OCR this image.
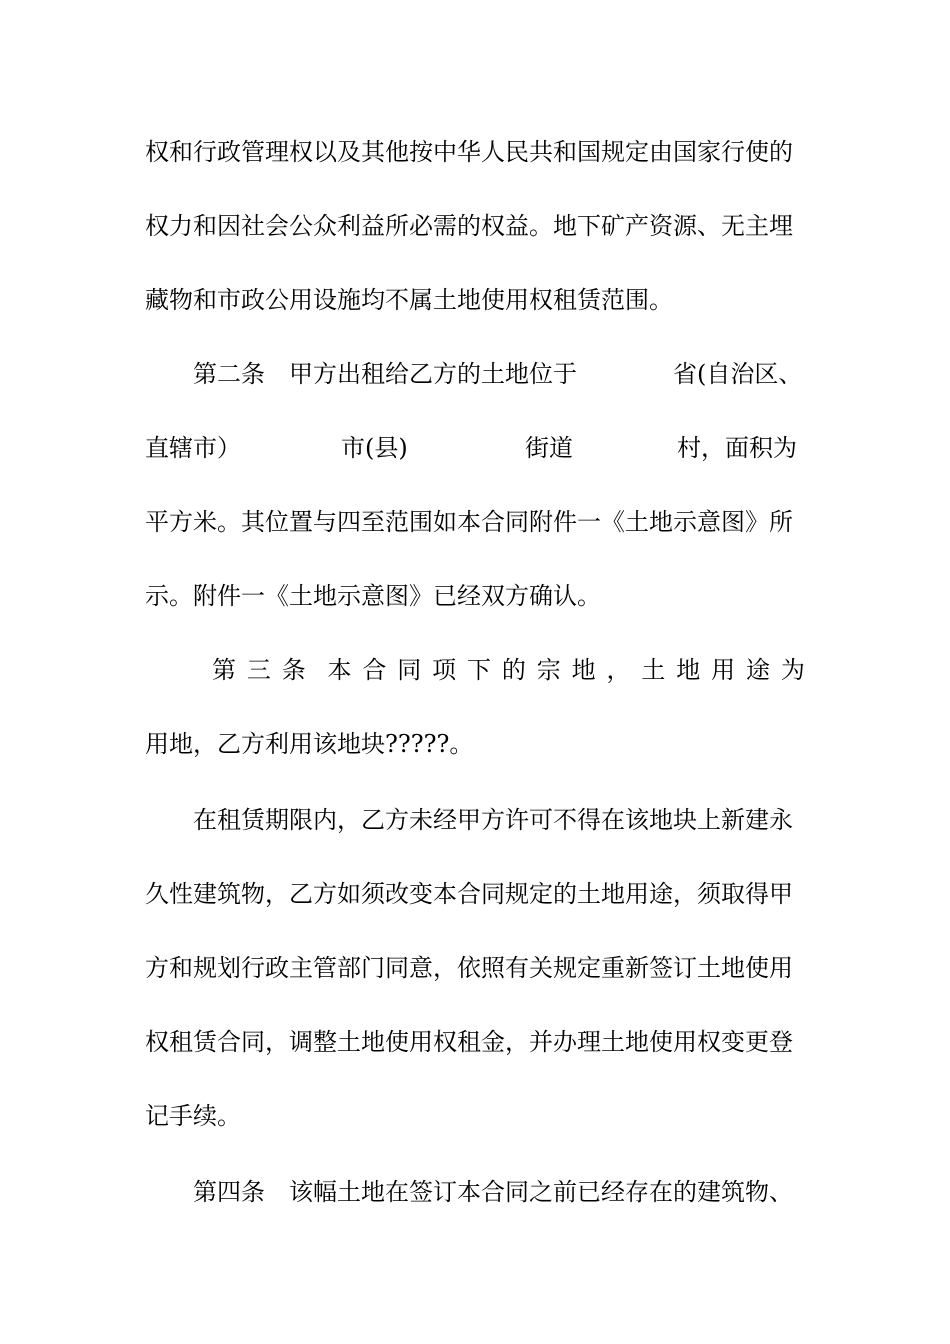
权和行政管理权以及其他按中华人民共和国规定由国家行使的
权力和因社会公众利益所必需的权益。地下矿产资源、无主埋
藏物和市政公用设施均不属土地使用权租赁范围。
第二条　甲方出租给乙方的土地位于	省(自治区、
直辖市）	市(县)	街道	村，面积为
平方米。其位置与四至范围如本合同附件一《土地示意图》所
示。附件一《土地示意图》已经双方确认。
第 三 条 本 合 同 项 下 的 宗 地 ， 土 地 用 途 为
用地，乙方利用该地块?????。
在租赁期限内，乙方未经甲方许可不得在该地块上新建永
久性建筑物，乙方如须改变本合同规定的土地用途，须取得甲
方和规划行政主管部门同意，依照有关规定重新签订土地使用
权租赁合同，调整土地使用权租金，并办理土地使用权变更登
记手续。
第四条　该幅土地在签订本合同之前已经存在的建筑物、
